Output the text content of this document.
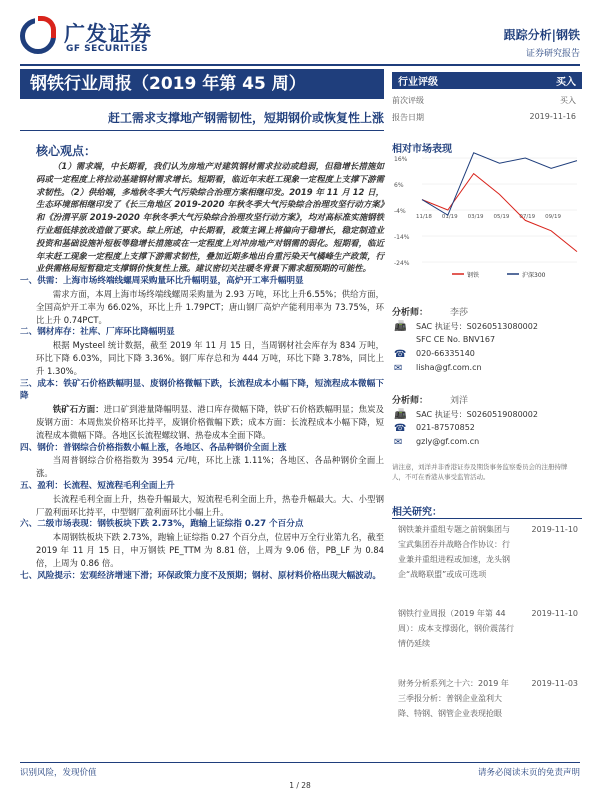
广发证券
GF SECURITIES
跟踪分析|钢铁
证券研究报告
钢铁行业周报（2019 年第 45 周）
赶工需求支撑地产钢需韧性，短期钢价或恢复性上涨
行业评级	买入
前次评级	买入
报告日期	2019-11-16
核心观点：

（1）需求端，中长期看，我们认为房地产对建筑钢材需求拉动或趋弱，但稳增长措施如码或一定程度上将拉动基建钢材需求增长。短期看，临近年末赶工现象一定程度上支撑下游需求韧性。（2）供给端，多地秋冬季大气污染综合治理方案相继印发。2019 年 11 月 12 日，生态环境部相继印发了《长三角地区 2019-2020 年秋冬季大气污染综合治理攻坚行动方案》和《汾渭平原 2019-2020 年秋冬季大气污染综合治理攻坚行动方案》，均对高标准实施钢铁行业超低排放改造做了要求。综上所述，中长期看，政策主调上将偏向于稳增长，稳定制造业投资和基础设施补短板等稳增长措施或在一定程度上对冲房地产对钢需的弱化。短期看，临近年末赶工现象一定程度上支撑下游需求韧性，叠加近期多地出台重污染天气橘峰生产政策，行业供需格局短暂稳定支撑钢价恢复性上涨。建议密切关注暖冬背景下需求超预期的可能性。

一、供需：上海市场终端线螺周采购量环比升幅明显，高炉开工率升幅明显

需求方面，本周上海市场终端线螺周采购量为 2.93 万吨，环比上升6.55%；供给方面，全国高炉开工率为 66.02%，环比上升 1.79PCT；唐山钢厂高炉产能利用率为 73.75%，环比上升 0.74PCT。

二、钢材库存：社库、厂库环比降幅明显

根据 Mysteel 统计数据，截至 2019 年 11 月 15 日，当周钢材社会库存为 834 万吨，环比下降 6.03%，同比下降 3.36%。钢厂库存总和为 444 万吨，环比下降 3.78%，同比上升 1.30%。

三、成本：铁矿石价格跌幅明显、废钢价格微幅下跌，长流程成本小幅下降，短流程成本微幅下降

铁矿石方面：进口矿到港量降幅明显、港口库存微幅下降，铁矿石价格跌幅明显；焦炭及废钢方面：本周焦炭价格环比持平，废钢价格微幅下跌；成本方面：长流程成本小幅下降，短流程成本微幅下降。各地区长流程螺纹钢、热卷成本全面下降。

四、钢价：普钢综合价格指数小幅上涨，各地区、各品种钢价全面上涨

当周普钢综合价格指数为 3954 元/吨，环比上涨 1.11%；各地区、各品种钢价全面上涨。

五、盈利：长流程、短流程毛利全面上升

长流程毛利全面上升，热卷升幅最大，短流程毛利全面上升，热卷升幅最大。大、小型钢厂盈利面环比持平，中型钢厂盈利面环比小幅上升。

六、二级市场表现：钢铁板块下跌 2.73%，跑输上证综指 0.27 个百分点

本周钢铁板块下跌 2.73%，跑输上证综指 0.27 个百分点，位居申万全行业第九名，截至 2019 年 11 月 15 日，申万钢铁 PE_TTM 为 8.81 倍，上周为 9.06 倍，PB_LF 为 0.84 倍，上周为 0.86 倍。

七、风险提示：宏观经济增速下滑；环保政策力度不及预期；钢材、原材料价格出现大幅波动。

相对市场表现
16%
6%
-4%
-14%
-24%
11/18 01/19 03/19 05/19 07/19 09/19
钢铁	沪深300
分析师： 李莎
📠 SAC 执证号：S0260513080002
SFC CE No. BNV167
☎ 020-66335140
✉ lisha@gf.com.cn
分析师： 刘洋
📠 SAC 执证号：S0260519080002
☎ 021-87570852
✉ gzly@gf.com.cn
请注意，刘洋并非香港证券及期货事务监察委员会的注册持牌人，不可在香港从事受监管活动。
相关研究：
钢铁兼并重组专题之前钢集团与宝武集团吞并战略合作协议：行业兼并重组进程或加速，龙头钢企“战略联盟”或成可选项
2019-11-10
钢铁行业周报（2019 年第 44 周）：成本支撑弱化，钢价震荡行情仍延续
2019-11-10
财务分析系列之十六：2019 年三季报分析：普钢企业盈利大降、特钢、钢管企业表现抢眼
2019-11-03
识别风险，发现价值	请务必阅读末页的免责声明
1 / 28
